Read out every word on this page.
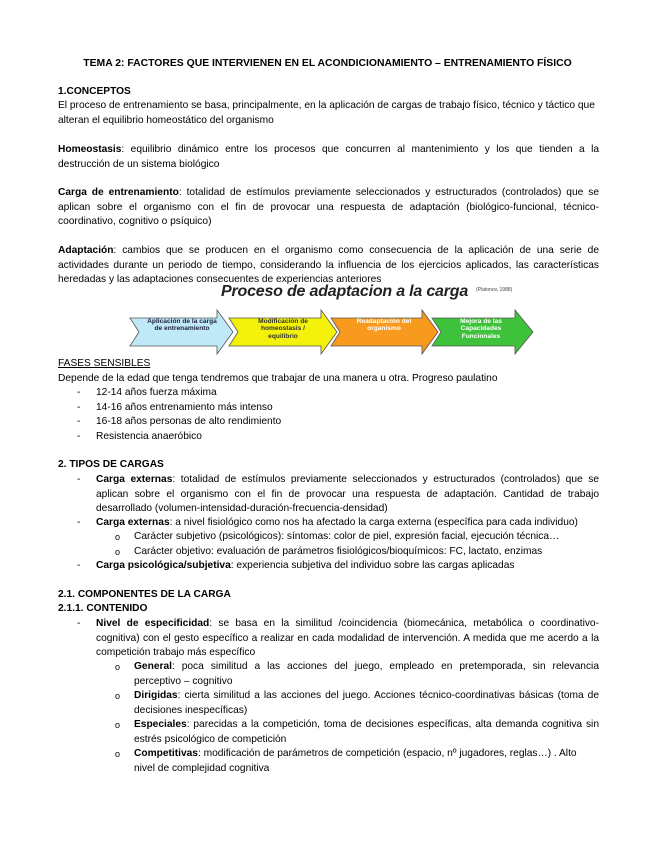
TEMA 2: FACTORES QUE INTERVIENEN EN EL ACONDICIONAMIENTO – ENTRENAMIENTO FÍSICO
1.CONCEPTOS
El proceso de entrenamiento se basa, principalmente, en la aplicación de cargas de trabajo físico, técnico y táctico que alteran el equilibrio homeostático del organismo
Homeostasis: equilibrio dinámico entre los procesos que concurren al mantenimiento y los que tienden a la destrucción de un sistema biológico
Carga de entrenamiento: totalidad de estímulos previamente seleccionados y estructurados (controlados) que se aplican sobre el organismo con el fin de provocar una respuesta de adaptación (biológico-funcional, técnico-coordinativo, cognitivo o psíquico)
Adaptación: cambios que se producen en el organismo como consecuencia de la aplicación de una serie de actividades durante un periodo de tiempo, considerando la influencia de los ejercicios aplicados, las características heredadas y las adaptaciones consecuentes de experiencias anteriores
Proceso de adaptacion a la carga (Platonov, 1988)
Aplicación de la carga de entrenamiento
Modificación de homeostasis / equilibrio
Readaptación del organismo
Mejora de las Capacidades Funcionales
FASES SENSIBLES
Depende de la edad que tenga tendremos que trabajar de una manera u otra. Progreso paulatino
- 12-14 años fuerza máxima
- 14-16 años entrenamiento más intenso
- 16-18 años personas de alto rendimiento
- Resistencia anaeróbico
2. TIPOS DE CARGAS
- Carga externas: totalidad de estímulos previamente seleccionados y estructurados (controlados) que se aplican sobre el organismo con el fin de provocar una respuesta de adaptación. Cantidad de trabajo desarrollado (volumen-intensidad-duración-frecuencia-densidad)
- Carga externas: a nivel fisiológico como nos ha afectado la carga externa (específica para cada individuo)
o Carácter subjetivo (psicológicos): síntomas: color de piel, expresión facial, ejecución técnica…
o Carácter objetivo: evaluación de parámetros fisiológicos/bioquímicos: FC, lactato, enzimas
- Carga psicológica/subjetiva: experiencia subjetiva del individuo sobre las cargas aplicadas
2.1. COMPONENTES DE LA CARGA
2.1.1. CONTENIDO
- Nivel de especificidad: se basa en la similitud /coincidencia (biomecánica, metabólica o coordinativo-cognitiva) con el gesto específico a realizar en cada modalidad de intervención. A medida que me acerdo a la competición trabajo más específico
o General: poca similitud a las acciones del juego, empleado en pretemporada, sin relevancia perceptivo – cognitivo
o Dirigidas: cierta similitud a las acciones del juego. Acciones técnico-coordinativas básicas (toma de decisiones inespecíficas)
o Especiales: parecidas a la competición, toma de decisiones específicas, alta demanda cognitiva sin estrés psicológico de competición
o Competitivas: modificación de parámetros de competición (espacio, nº jugadores, reglas…) . Alto nivel de complejidad cognitiva
